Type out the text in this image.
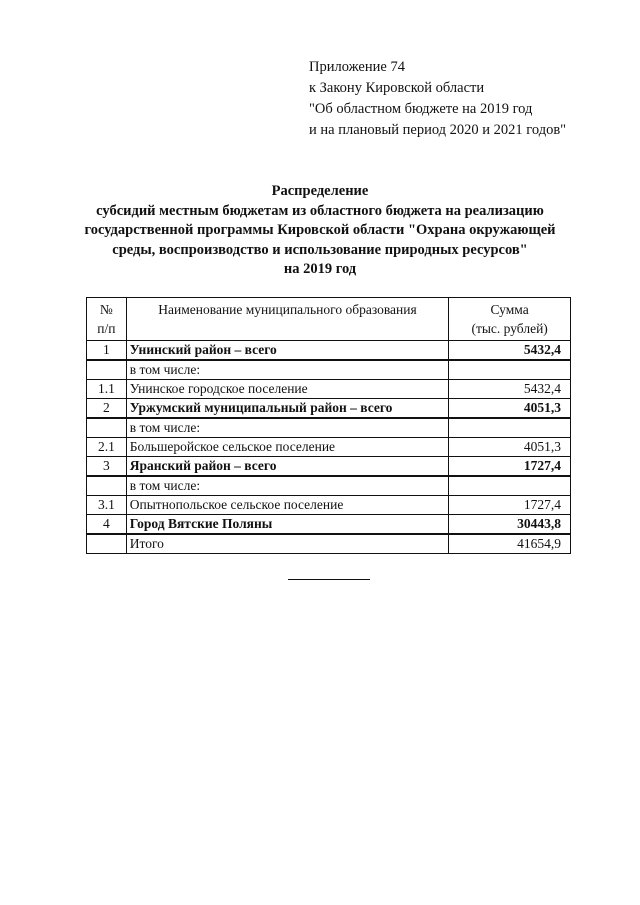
Приложение 74
к Закону Кировской области
"Об областном бюджете на 2019 год
и на плановый период 2020 и 2021 годов"
Распределение
субсидий местным бюджетам из областного бюджета на реализацию
государственной программы Кировской области "Охрана окружающей
среды, воспроизводство и использование природных ресурсов"
на 2019 год
№
п/п	Наименование муниципального образования	Сумма
(тыс. рублей)
1	Унинский район – всего	5432,4
	в том числе:	
1.1	Унинское городское поселение	5432,4
2	Уржумский муниципальный район – всего	4051,3
	в том числе:	
2.1	Большеройское сельское поселение	4051,3
3	Яранский район – всего	1727,4
	в том числе:	
3.1	Опытнопольское сельское поселение	1727,4
4	Город Вятские Поляны	30443,8
	Итого	41654,9
